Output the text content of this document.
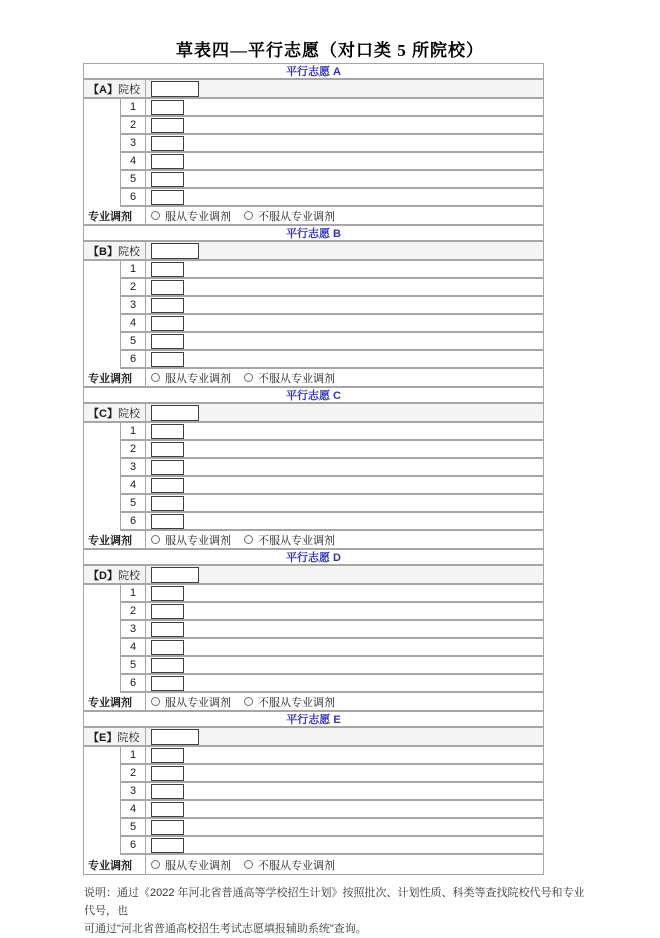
草表四—平行志愿（对口类 5 所院校）
平行志愿 A
【A】 院校
1
2
3
4
5
6
专业调剂	服从专业调剂 不服从专业调剂
平行志愿 B
【B】 院校
1
2
3
4
5
6
专业调剂	服从专业调剂 不服从专业调剂
平行志愿 C
【C】 院校
1
2
3
4
5
6
专业调剂	服从专业调剂 不服从专业调剂
平行志愿 D
【D】 院校
1
2
3
4
5
6
专业调剂	服从专业调剂 不服从专业调剂
平行志愿 E
【E】 院校
1
2
3
4
5
6
专业调剂	服从专业调剂 不服从专业调剂
说明：通过《2022 年河北省普通高等学校招生计划》按照批次、计划性质、科类等查找院校代号和专业代号，也
可通过"河北省普通高校招生考试志愿填报辅助系统"查询。
